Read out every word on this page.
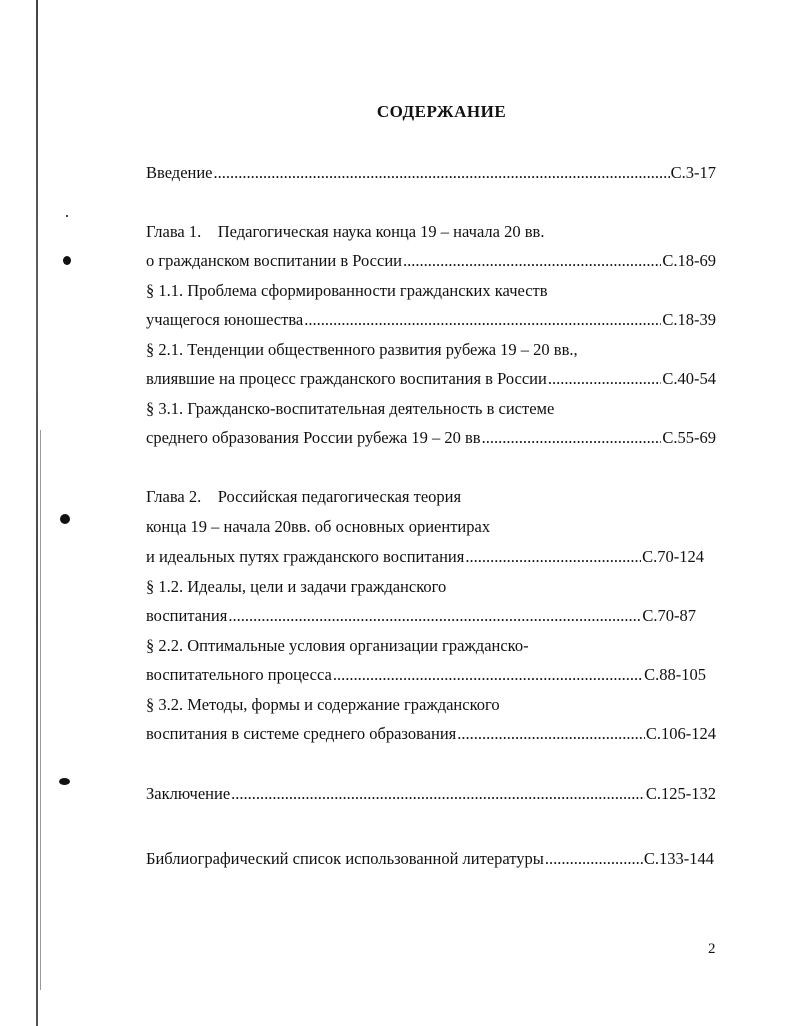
СОДЕРЖАНИЕ
Введение .....	С.3-17
Глава 1.    Педагогическая наука конца 19 – начала 20 вв.
о гражданском воспитании в России .....	С.18-69
§ 1.1. Проблема сформированности гражданских качеств
учащегося юношества .....	С.18-39
§ 2.1. Тенденции общественного развития рубежа 19 – 20 вв.,
влиявшие на процесс гражданского воспитания в России .....	С.40-54
§ 3.1. Гражданско-воспитательная деятельность в системе
среднего образования России рубежа 19 – 20 вв .....	С.55-69
Глава 2.    Российская педагогическая теория
конца 19 – начала 20вв. об основных ориентирах
и идеальных путях гражданского воспитания .....	С.70-124
§ 1.2. Идеалы, цели и задачи гражданского
воспитания .....	С.70-87
§ 2.2. Оптимальные условия организации гражданско-
воспитательного процесса .....	С.88-105
§ 3.2. Методы, формы и содержание гражданского
воспитания в системе среднего образования .....	С.106-124
Заключение .....	С.125-132
Библиографический список использованной литературы .....	С.133-144
2
